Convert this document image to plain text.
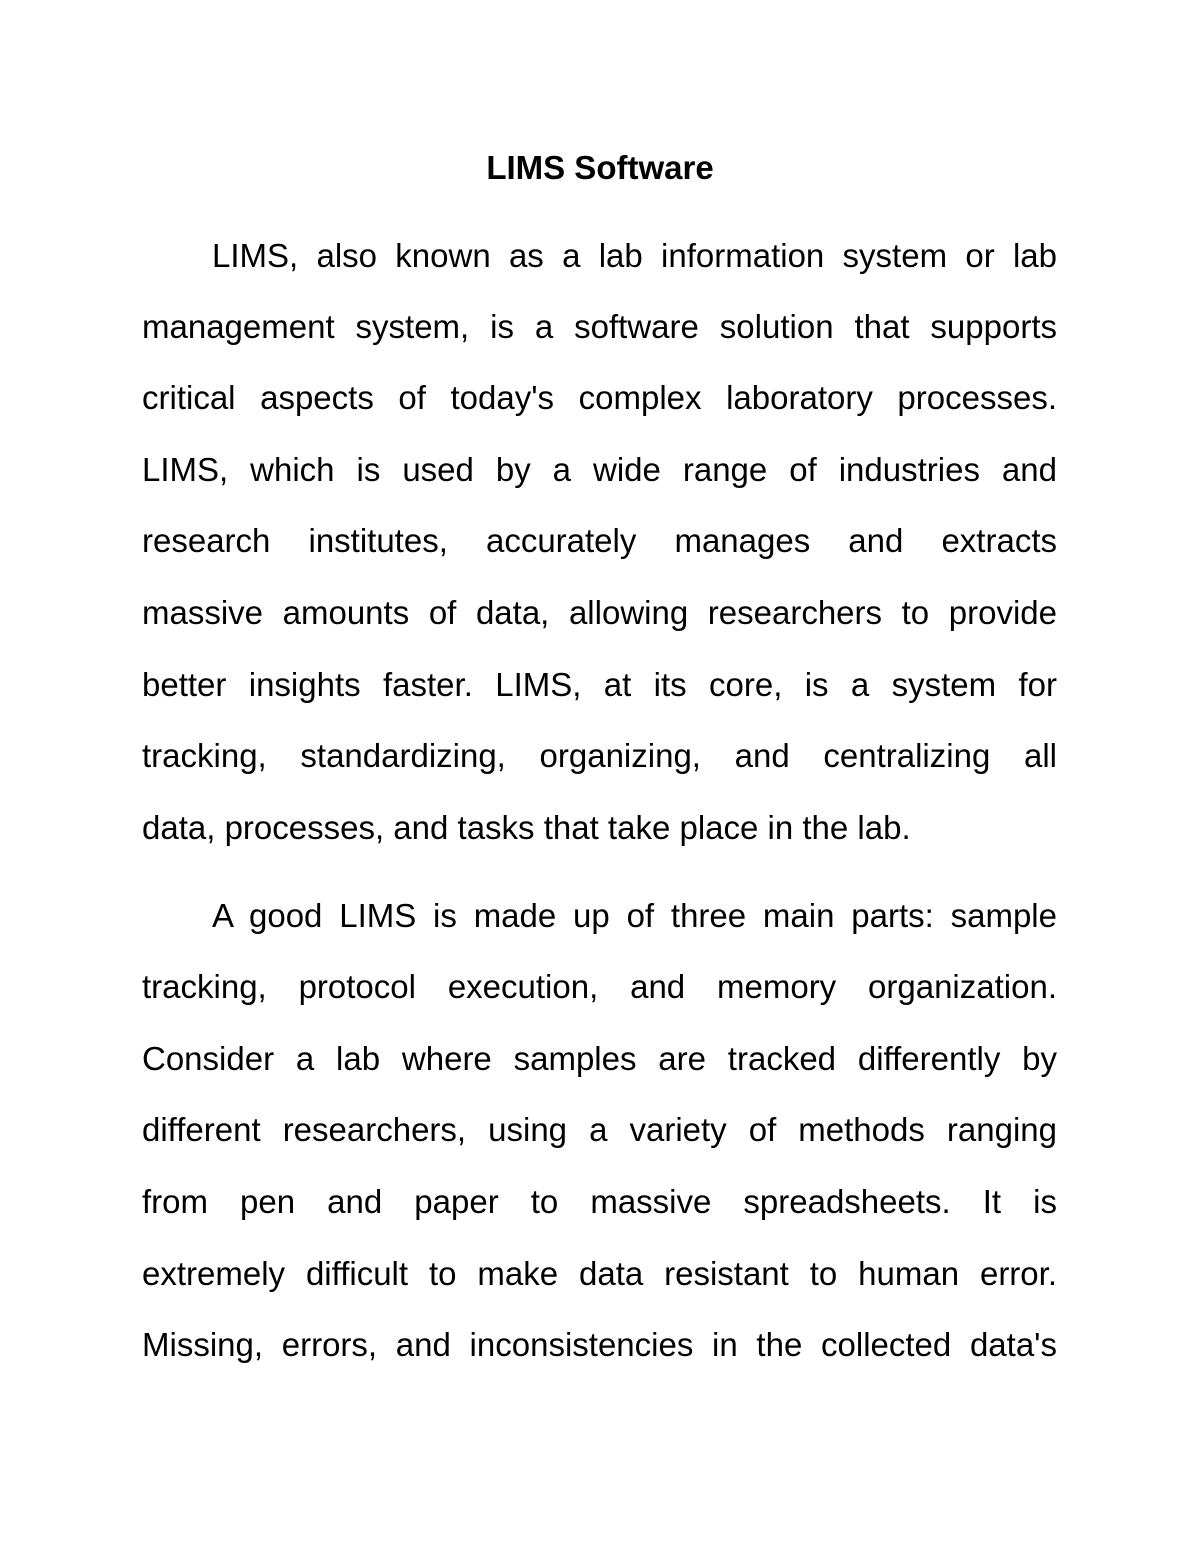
LIMS Software
LIMS, also known as a lab information system or lab
management system, is a software solution that supports
critical aspects of today's complex laboratory processes.
LIMS, which is used by a wide range of industries and
research institutes, accurately manages and extracts
massive amounts of data, allowing researchers to provide
better insights faster. LIMS, at its core, is a system for
tracking, standardizing, organizing, and centralizing all
data, processes, and tasks that take place in the lab.
A good LIMS is made up of three main parts: sample
tracking, protocol execution, and memory organization.
Consider a lab where samples are tracked differently by
different researchers, using a variety of methods ranging
from pen and paper to massive spreadsheets. It is
extremely difficult to make data resistant to human error.
Missing, errors, and inconsistencies in the collected data's
